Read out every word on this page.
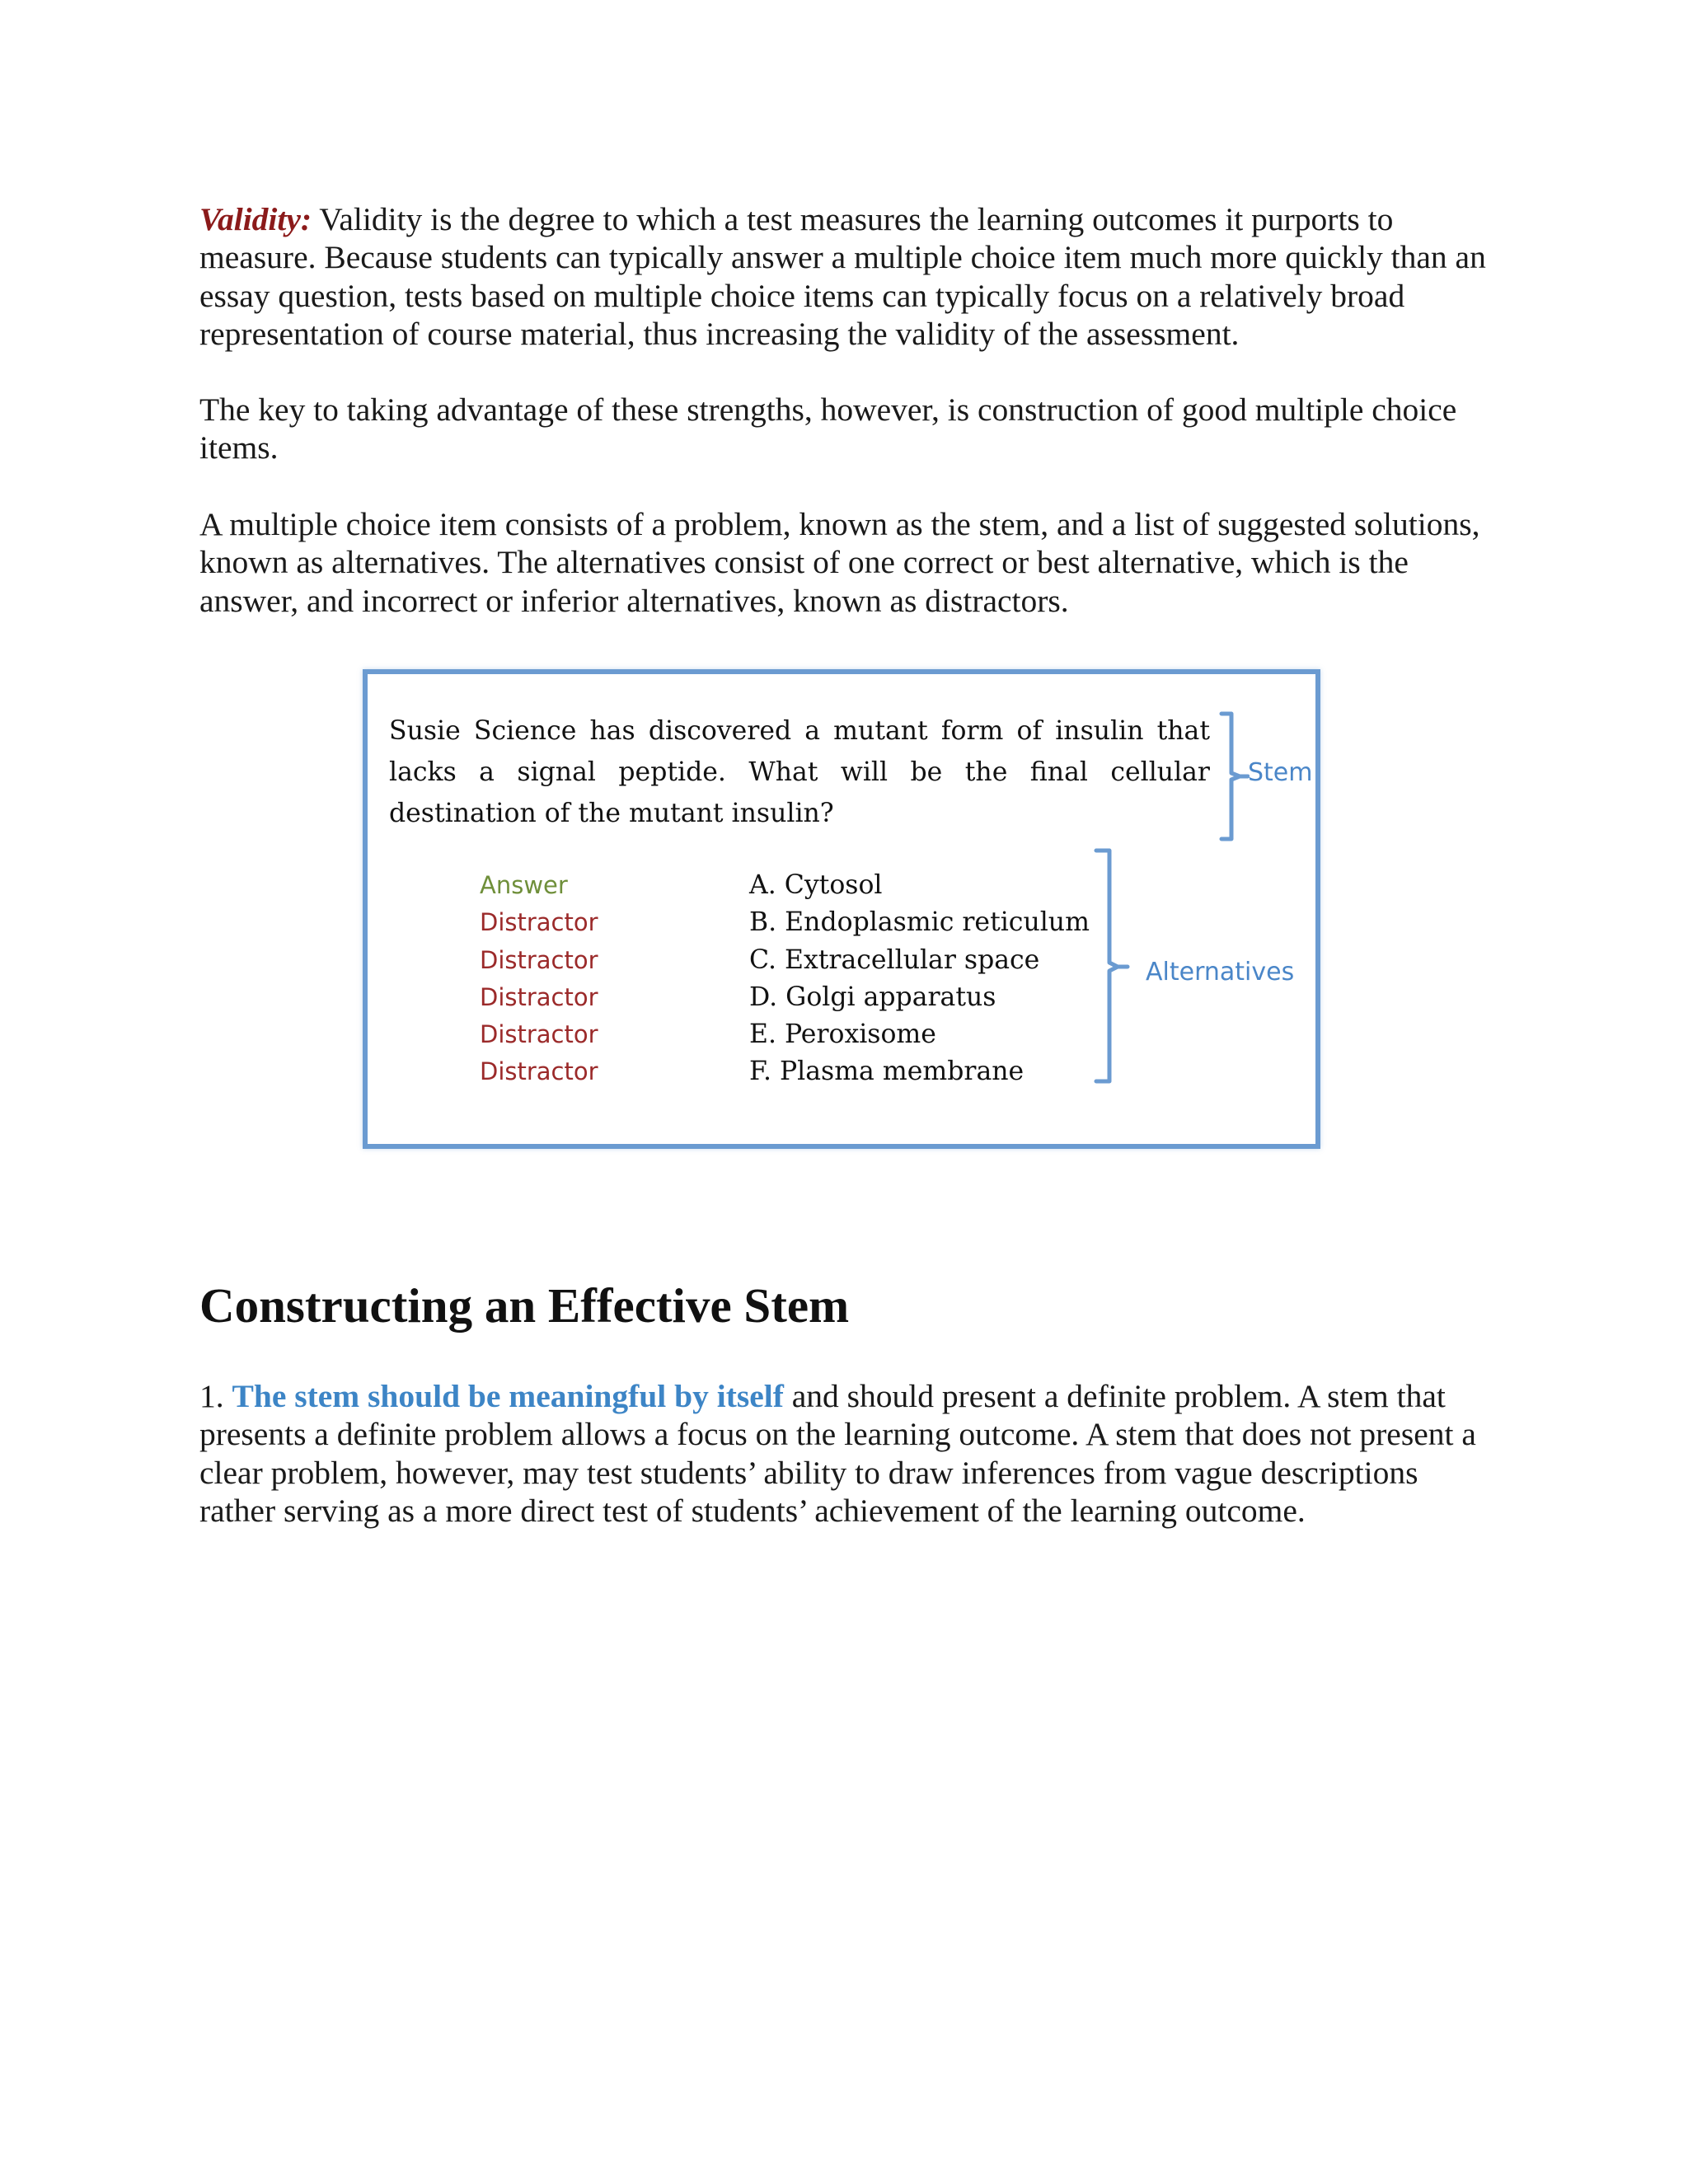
Validity: Validity is the degree to which a test measures the learning outcomes it purports to measure. Because students can typically answer a multiple choice item much more quickly than an essay question, tests based on multiple choice items can typically focus on a relatively broad representation of course material, thus increasing the validity of the assessment.

The key to taking advantage of these strengths, however, is construction of good multiple choice items.

A multiple choice item consists of a problem, known as the stem, and a list of suggested solutions, known as alternatives. The alternatives consist of one correct or best alternative, which is the answer, and incorrect or inferior alternatives, known as distractors.

Susie Science has discovered a mutant form of insulin that
lacks a signal peptide. What will be the final cellular
destination of the mutant insulin?

Stem
Answer
Distractor
Distractor
Distractor
Distractor
Distractor
A. Cytosol
B. Endoplasmic reticulum
C. Extracellular space
D. Golgi apparatus
E. Peroxisome
F. Plasma membrane
Alternatives
Constructing an Effective Stem

1. The stem should be meaningful by itself and should present a definite problem. A stem that presents a definite problem allows a focus on the learning outcome. A stem that does not present a clear problem, however, may test students’ ability to draw inferences from vague descriptions rather serving as a more direct test of students’ achievement of the learning outcome.
